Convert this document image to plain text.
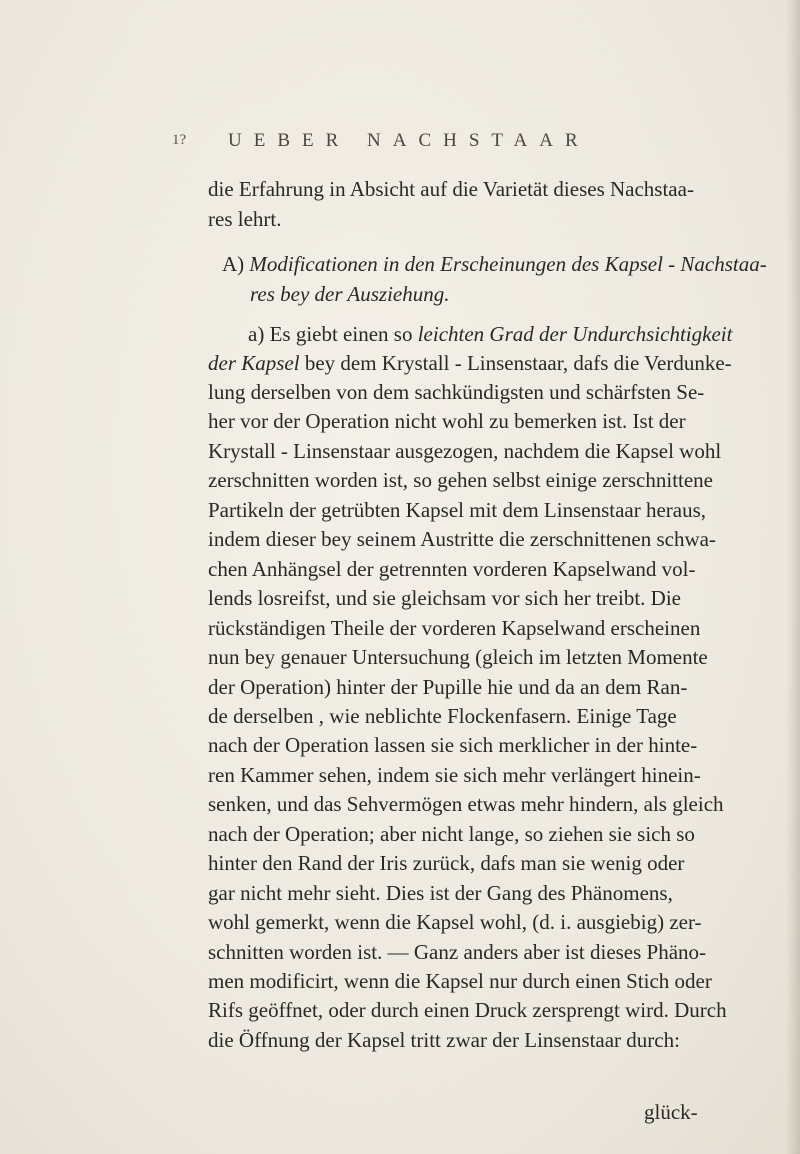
1? UEBER NACHSTAAR
die Erfahrung in Absicht auf die Varietät dieses Nachstaa-
res lehrt.
A) Modificationen in den Erscheinungen des Kapsel - Nachstaa-
res bey der Ausziehung.
a) Es giebt einen so leichten Grad der Undurchsichtigkeit
der Kapsel bey dem Krystall - Linsenstaar, dafs die Verdunke-
lung derselben von dem sachkündigsten und schärfsten Se-
her vor der Operation nicht wohl zu bemerken ist. Ist der
Krystall - Linsenstaar ausgezogen, nachdem die Kapsel wohl
zerschnitten worden ist, so gehen selbst einige zerschnittene
Partikeln der getrübten Kapsel mit dem Linsenstaar heraus,
indem dieser bey seinem Austritte die zerschnittenen schwa-
chen Anhängsel der getrennten vorderen Kapselwand vol-
lends losreifst, und sie gleichsam vor sich her treibt. Die
rückständigen Theile der vorderen Kapselwand erscheinen
nun bey genauer Untersuchung (gleich im letzten Momente
der Operation) hinter der Pupille hie und da an dem Ran-
de derselben , wie neblichte Flockenfasern. Einige Tage
nach der Operation lassen sie sich merklicher in der hinte-
ren Kammer sehen, indem sie sich mehr verlängert hinein-
senken, und das Sehvermögen etwas mehr hindern, als gleich
nach der Operation; aber nicht lange, so ziehen sie sich so
hinter den Rand der Iris zurück, dafs man sie wenig oder
gar nicht mehr sieht. Dies ist der Gang des Phänomens,
wohl gemerkt, wenn die Kapsel wohl, (d. i. ausgiebig) zer-
schnitten worden ist. — Ganz anders aber ist dieses Phäno-
men modificirt, wenn die Kapsel nur durch einen Stich oder
Rifs geöffnet, oder durch einen Druck zersprengt wird. Durch
die Öffnung der Kapsel tritt zwar der Linsenstaar durch:
glück-
